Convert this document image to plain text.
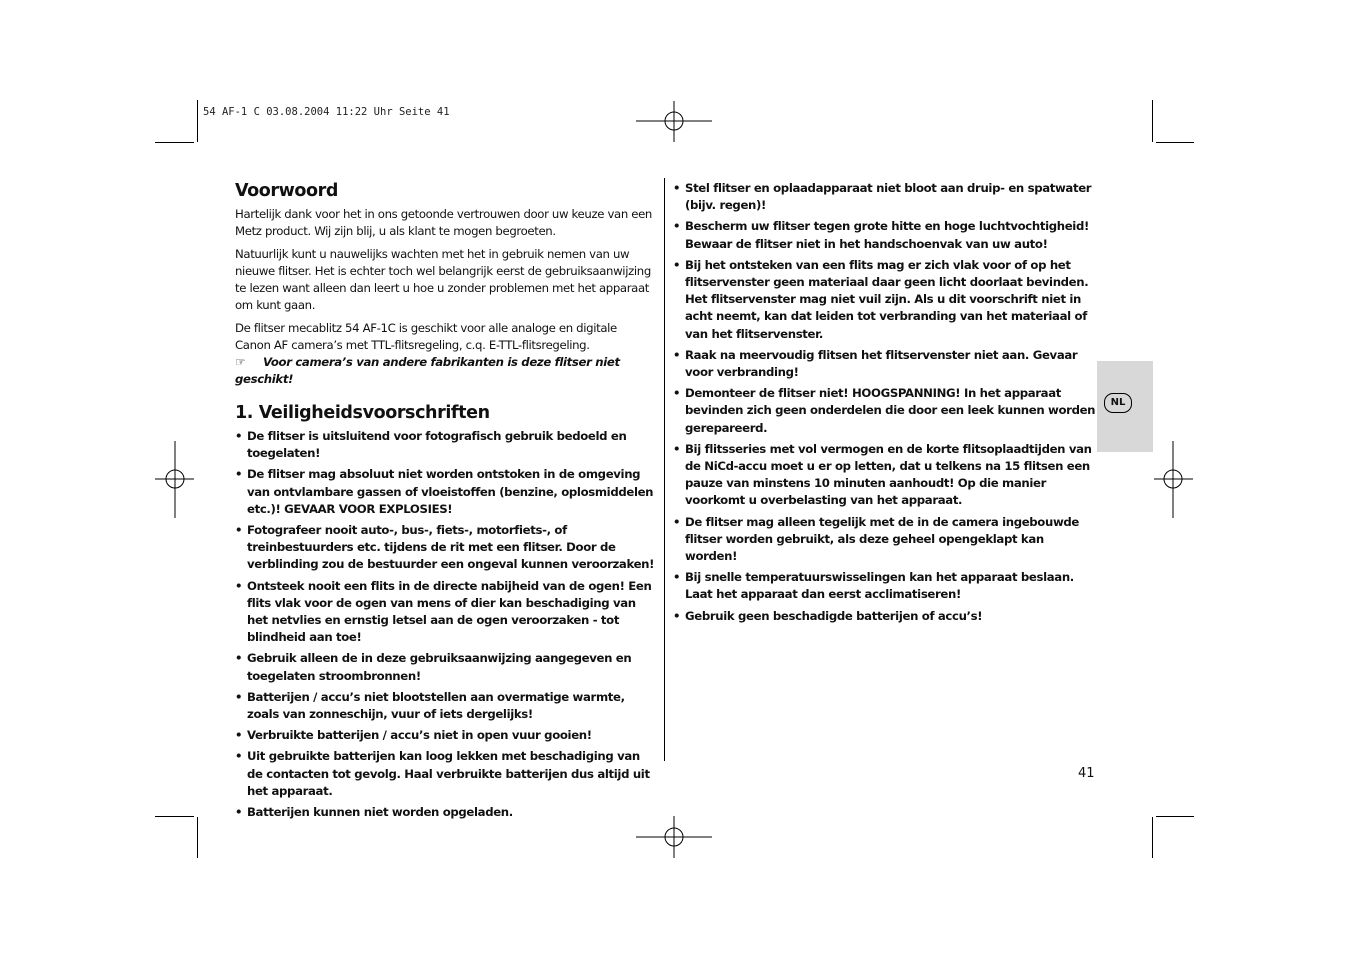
54 AF-1 C 03.08.2004 11:22 Uhr Seite 41
Voorwoord

Hartelijk dank voor het in ons getoonde vertrouwen door uw keuze van een Metz product. Wij zijn blij, u als klant te mogen begroeten.

Natuurlijk kunt u nauwelijks wachten met het in gebruik nemen van uw nieuwe flitser. Het is echter toch wel belangrijk eerst de gebruiksaanwijzing te lezen want alleen dan leert u hoe u zonder problemen met het apparaat om kunt gaan.

De flitser mecablitz 54 AF-1C is geschikt voor alle analoge en digitale Canon AF camera’s met TTL-flitsregeling, c.q. E-TTL-flitsregeling.

☞ Voor camera’s van andere fabrikanten is deze flitser niet geschikt!

1. Veiligheidsvoorschriften
• De flitser is uitsluitend voor fotografisch gebruik bedoeld en toegelaten!
• De flitser mag absoluut niet worden ontstoken in de omgeving van ontvlambare gassen of vloeistoffen (benzine, oplosmiddelen etc.)! GEVAAR VOOR EXPLOSIES!
• Fotografeer nooit auto-, bus-, fiets-, motorfiets-, of treinbestuurders etc. tijdens de rit met een flitser. Door de verblinding zou de bestuurder een ongeval kunnen veroorzaken!
• Ontsteek nooit een flits in de directe nabijheid van de ogen! Een flits vlak voor de ogen van mens of dier kan beschadiging van het netvlies en ernstig letsel aan de ogen veroorzaken - tot blindheid aan toe!
• Gebruik alleen de in deze gebruiksaanwijzing aangegeven en toegelaten stroombronnen!
• Batterijen / accu’s niet blootstellen aan overmatige warmte, zoals van zonneschijn, vuur of iets dergelijks!
• Verbruikte batterijen / accu’s niet in open vuur gooien!
• Uit gebruikte batterijen kan loog lekken met beschadiging van de contacten tot gevolg. Haal verbruikte batterijen dus altijd uit het apparaat.
• Batterijen kunnen niet worden opgeladen.
• Stel flitser en oplaadapparaat niet bloot aan druip- en spatwater (bijv. regen)!
• Bescherm uw flitser tegen grote hitte en hoge luchtvochtigheid! Bewaar de flitser niet in het handschoenvak van uw auto!
• Bij het ontsteken van een flits mag er zich vlak voor of op het flitservenster geen materiaal daar geen licht doorlaat bevinden. Het flitservenster mag niet vuil zijn. Als u dit voorschrift niet in acht neemt, kan dat leiden tot verbranding van het materiaal of van het flitservenster.
• Raak na meervoudig flitsen het flitservenster niet aan. Gevaar voor verbranding!
• Demonteer de flitser niet! HOOGSPANNING! In het apparaat bevinden zich geen onderdelen die door een leek kunnen worden gerepareerd.
• Bij flitsseries met vol vermogen en de korte flitsoplaadtijden van de NiCd-accu moet u er op letten, dat u telkens na 15 flitsen een pauze van minstens 10 minuten aanhoudt! Op die manier voorkomt u overbelasting van het apparaat.
• De flitser mag alleen tegelijk met de in de camera ingebouwde flitser worden gebruikt, als deze geheel opengeklapt kan worden!
• Bij snelle temperatuurswisselingen kan het apparaat beslaan. Laat het apparaat dan eerst acclimatiseren!
• Gebruik geen beschadigde batterijen of accu’s!
NL
41
